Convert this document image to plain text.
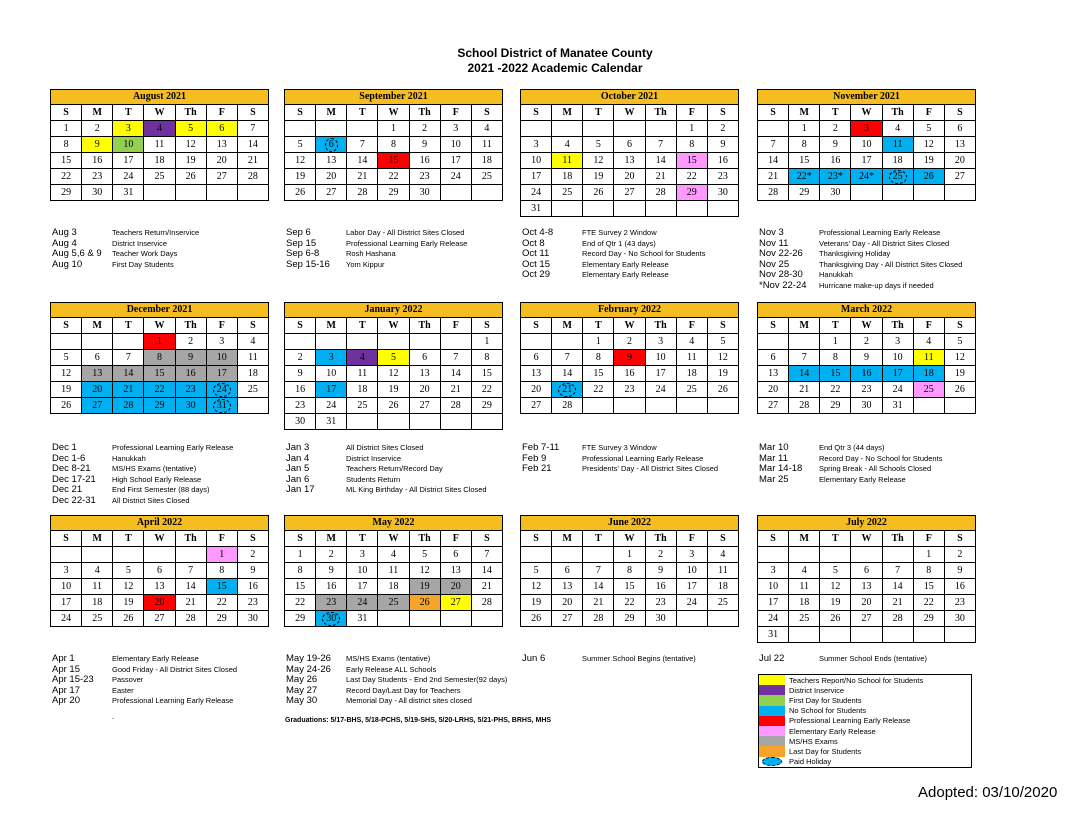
School District of Manatee County
2021 -2022 Academic Calendar
August 2021						
S	M	T	W	Th	F	S
1	2	3	4	5	6	7
8	9	10	11	12	13	14
15	16	17	18	19	20	21
22	23	24	25	26	27	28
29	30	31				
September 2021						
S	M	T	W	Th	F	S
			1	2	3	4
5	6	7	8	9	10	11
12	13	14	15	16	17	18
19	20	21	22	23	24	25
26	27	28	29	30		
October 2021						
S	M	T	W	Th	F	S
					1	2
3	4	5	6	7	8	9
10	11	12	13	14	15	16
17	18	19	20	21	22	23
24	25	26	27	28	29	30
31						
November 2021						
S	M	T	W	Th	F	S
	1	2	3	4	5	6
7	8	9	10	11	12	13
14	15	16	17	18	19	20
21	22*	23*	24*	25	26	27
28	29	30				
December 2021						
S	M	T	W	Th	F	S
			1	2	3	4
5	6	7	8	9	10	11
12	13	14	15	16	17	18
19	20	21	22	23	24	25
26	27	28	29	30	31	
January 2022						
S	M	T	W	Th	F	S
						1
2	3	4	5	6	7	8
9	10	11	12	13	14	15
16	17	18	19	20	21	22
23	24	25	26	27	28	29
30	31					
February 2022						
S	M	T	W	Th	F	S
		1	2	3	4	5
6	7	8	9	10	11	12
13	14	15	16	17	18	19
20	21	22	23	24	25	26
27	28					
March 2022						
S	M	T	W	Th	F	S
		1	2	3	4	5
6	7	8	9	10	11	12
13	14	15	16	17	18	19
20	21	22	23	24	25	26
27	28	29	30	31		
April 2022						
S	M	T	W	Th	F	S
					1	2
3	4	5	6	7	8	9
10	11	12	13	14	15	16
17	18	19	20	21	22	23
24	25	26	27	28	29	30
May 2022						
S	M	T	W	Th	F	S
1	2	3	4	5	6	7
8	9	10	11	12	13	14
15	16	17	18	19	20	21
22	23	24	25	26	27	28
29	30	31				
June 2022						
S	M	T	W	Th	F	S
			1	2	3	4
5	6	7	8	9	10	11
12	13	14	15	16	17	18
19	20	21	22	23	24	25
26	27	28	29	30		
July 2022						
S	M	T	W	Th	F	S
					1	2
3	4	5	6	7	8	9
10	11	12	13	14	15	16
17	18	19	20	21	22	23
24	25	26	27	28	29	30
31						
Aug 3	Teachers Return/Inservice
Aug 4	District Inservice
Aug 5,6 & 9	Teacher Work Days
Aug 10	First Day Students
Sep 6	Labor Day - All District Sites Closed
Sep 15	Professional Learning Early Release
Sep 6-8	Rosh Hashana
Sep 15-16	Yom Kippur
Oct 4-8	FTE Survey 2 Window
Oct 8	End of Qtr 1 (43 days)
Oct 11	Record Day - No School for Students
Oct 15	Elementary Early Release
Oct 29	Elementary Early Release
Nov 3	Professional Learning Early Release
Nov 11	Veterans' Day - All District Sites Closed
Nov 22-26	Thanksgiving Holiday
Nov 25	Thanksgiving Day - All District Sites Closed
Nov 28-30	Hanukkah
*Nov 22-24	Hurricane make-up days if needed
Dec 1	Professional Learning Early Release
Dec 1-6	Hanukkah
Dec 8-21	MS/HS Exams (tentative)
Dec 17-21	High School Early Release
Dec 21	End First Semester (88 days)
Dec 22-31	All District Sites Closed
Jan 3	All District Sites Closed
Jan 4	District Inservice
Jan 5	Teachers Return/Record Day
Jan 6	Students Return
Jan 17	ML King Birthday - All District Sites Closed
Feb 7-11	FTE Survey 3 Window
Feb 9	Professional Learning Early Release
Feb 21	Presidents' Day - All District Sites Closed
Mar 10	End Qtr 3 (44 days)
Mar 11	Record Day - No School for Students
Mar 14-18	Spring Break - All Schools Closed
Mar 25	Elementary Early Release
Apr 1	Elementary Early Release
Apr 15	Good Friday - All District Sites Closed
Apr 15-23	Passover
Apr 17	Easter
Apr 20	Professional Learning Early Release
May 19-26	MS/HS Exams (tentative)
May 24-26	Early Release ALL Schools
May 26	Last Day Students - End 2nd Semester(92 days)
May 27	Record Day/Last Day for Teachers
May 30	Memorial Day - All district sites closed
Jun 6	Summer School Begins (tentative)	Jul 22	Summer School Ends (tentative)
.	Graduations: 5/17-BHS, 5/18-PCHS, 5/19-SHS, 5/20-LRHS, 5/21-PHS, BRHS, MHS
Teachers Report/No School for Students
District Inservice
First Day for Students
No School for Students
Professional Learning Early Release
Elementary Early Release
MS/HS Exams
Last Day for Students
Paid Holiday
Adopted: 03/10/2020
